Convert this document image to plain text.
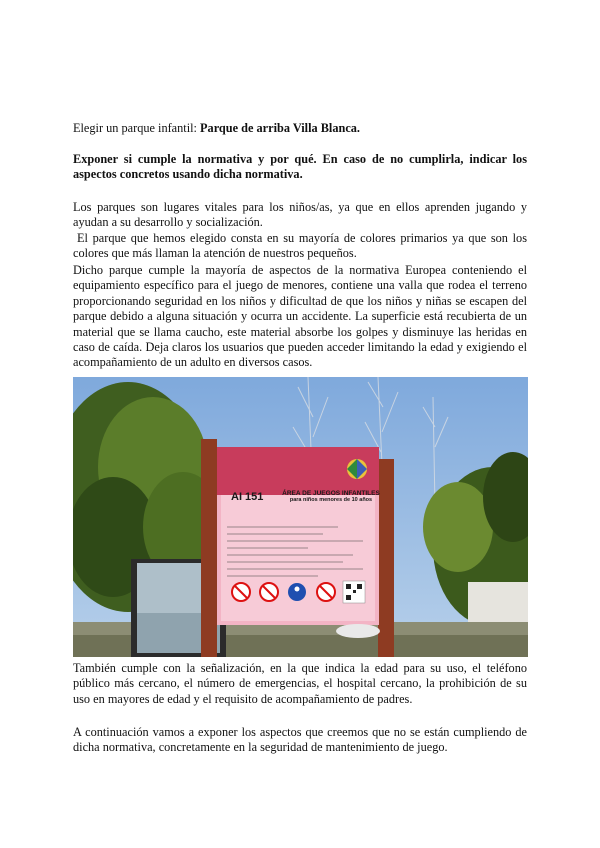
Elegir un parque infantil: Parque de arriba Villa Blanca.

Exponer si cumple la normativa y por qué. En caso de no cumplirla, indicar los aspectos concretos usando dicha normativa.

Los parques son lugares vitales para los niños/as, ya que en ellos aprenden jugando y ayudan a su desarrollo y socialización.

El parque que hemos elegido consta en su mayoría de colores primarios ya que son los colores que más llaman la atención de nuestros pequeños.

Dicho parque cumple la mayoría de aspectos de la normativa Europea conteniendo el equipamiento específico para el juego de menores, contiene una valla que rodea el terreno proporcionando seguridad en los niños y dificultad de que los niños y niñas se escapen del parque debido a alguna situación y ocurra un accidente. La superficie está recubierta de un material que se llama caucho, este material absorbe los golpes y disminuye las heridas en caso de caída. Deja claros los usuarios que pueden acceder limitando la edad y exigiendo el acompañamiento de un adulto en diversos casos.

AI 151	ÁREA DE JUEGOS INFANTILES
para niños menores de 10 años

También cumple con la señalización, en la que indica la edad para su uso, el teléfono público más cercano, el número de emergencias, el hospital cercano, la prohibición de su uso en mayores de edad y el requisito de acompañamiento de padres.

A continuación vamos a exponer los aspectos que creemos que no se están cumpliendo de dicha normativa, concretamente en la seguridad de mantenimiento de juego.
